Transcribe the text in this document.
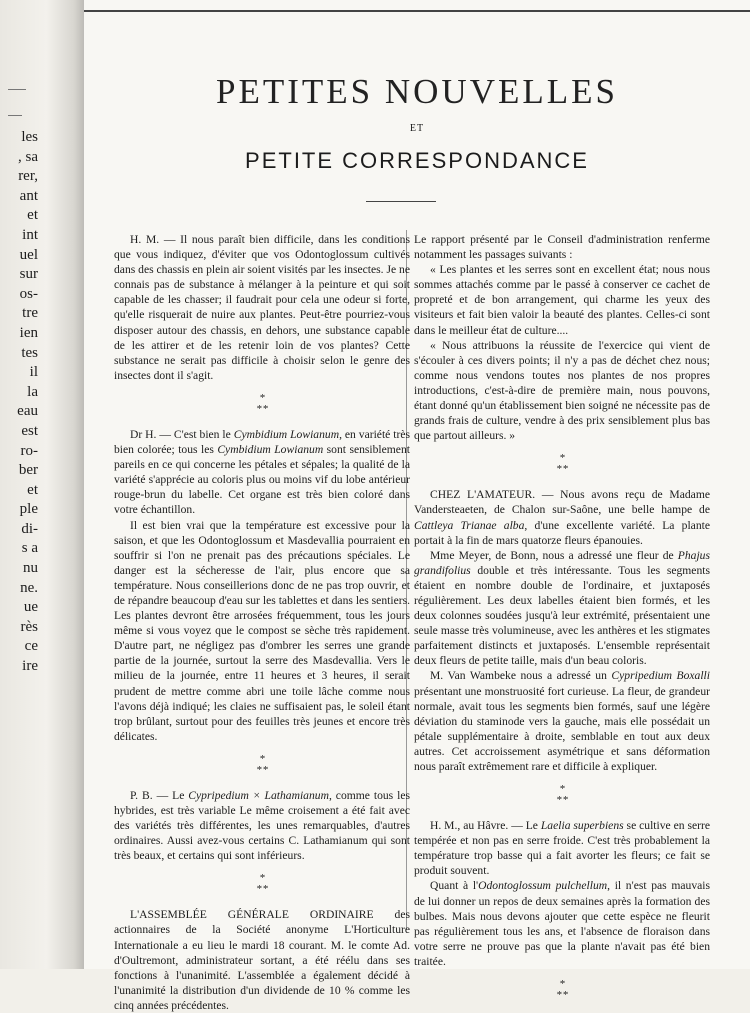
les
, sa
rer,
ant
et
int
uel
sur
os-
tre
ien
tes
il
la
eau
est
ro-
ber
et
ple
di-
s a
nu
ne.
ue
rès
ce
ire
PETITES NOUVELLES
ET
PETITE CORRESPONDANCE

H. M. — Il nous paraît bien difficile, dans les conditions que vous indiquez, d'éviter que vos Odontoglossum cultivés dans des chassis en plein air soient visités par les insectes. Je ne connais pas de substance à mélanger à la peinture et qui soit capable de les chasser; il faudrait pour cela une odeur si forte, qu'elle risquerait de nuire aux plantes. Peut-être pourriez-vous disposer autour des chassis, en dehors, une substance capable de les attirer et de les retenir loin de vos plantes? Cette substance ne serait pas difficile à choisir selon le genre des insectes dont il s'agit.

*
* *

Dr H. — C'est bien le Cymbidium Lowianum, en variété très bien colorée; tous les Cymbidium Lowianum sont sensiblement pareils en ce qui concerne les pétales et sépales; la qualité de la variété s'apprécie au coloris plus ou moins vif du lobe antérieur rouge-brun du labelle. Cet organe est très bien coloré dans votre échantillon.

Il est bien vrai que la température est excessive pour la saison, et que les Odontoglossum et Masdevallia pourraient en souffrir si l'on ne prenait pas des précautions spéciales. Le danger est la sécheresse de l'air, plus encore que sa température. Nous conseillerions donc de ne pas trop ouvrir, et de répandre beaucoup d'eau sur les tablettes et dans les sentiers. Les plantes devront être arrosées fréquemment, tous les jours même si vous voyez que le compost se sèche très rapidement. D'autre part, ne négligez pas d'ombrer les serres une grande partie de la journée, surtout la serre des Masdevallia. Vers le milieu de la journée, entre 11 heures et 3 heures, il serait prudent de mettre comme abri une toile lâche comme nous l'avons déjà indiqué; les claies ne suffisaient pas, le soleil étant trop brûlant, surtout pour des feuilles très jeunes et encore très délicates.

*
* *

P. B. — Le Cypripedium × Lathamianum, comme tous les hybrides, est très variable Le même croisement a été fait avec des variétés très différentes, les unes remarquables, d'autres ordinaires. Aussi avez-vous certains C. Lathamianum qui sont très beaux, et certains qui sont inférieurs.

*
* *

L'ASSEMBLÉE GÉNÉRALE ORDINAIRE des actionnaires de la Société anonyme L'Horticulture Internationale a eu lieu le mardi 18 courant. M. le comte Ad. d'Oultremont, administrateur sortant, a été réélu dans ses fonctions à l'unanimité. L'assemblée a également décidé à l'unanimité la distribution d'un dividende de 10 % comme les cinq années précédentes.

Le rapport présenté par le Conseil d'administration renferme notamment les passages suivants :

« Les plantes et les serres sont en excellent état; nous nous sommes attachés comme par le passé à conserver ce cachet de propreté et de bon arrangement, qui charme les yeux des visiteurs et fait bien valoir la beauté des plantes. Celles-ci sont dans le meilleur état de culture....

« Nous attribuons la réussite de l'exercice qui vient de s'écouler à ces divers points; il n'y a pas de déchet chez nous; comme nous vendons toutes nos plantes de nos propres introductions, c'est-à-dire de première main, nous pouvons, étant donné qu'un établissement bien soigné ne nécessite pas de grands frais de culture, vendre à des prix sensiblement plus bas que partout ailleurs. »

*
* *

CHEZ L'AMATEUR. — Nous avons reçu de Madame Vandersteaeten, de Chalon sur-Saône, une belle hampe de Cattleya Trianae alba, d'une excellente variété. La plante portait à la fin de mars quatorze fleurs épanouies.

Mme Meyer, de Bonn, nous a adressé une fleur de Phajus grandifolius double et très intéressante. Tous les segments étaient en nombre double de l'ordinaire, et juxtaposés régulièrement. Les deux labelles étaient bien formés, et les deux colonnes soudées jusqu'à leur extrémité, présentaient une seule masse très volumineuse, avec les anthères et les stigmates parfaitement distincts et juxtaposés. L'ensemble représentait deux fleurs de petite taille, mais d'un beau coloris.

M. Van Wambeke nous a adressé un Cypripedium Boxalli présentant une monstruosité fort curieuse. La fleur, de grandeur normale, avait tous les segments bien formés, sauf une légère déviation du staminode vers la gauche, mais elle possédait un pétale supplémentaire à droite, semblable en tout aux deux autres. Cet accroissement asymétrique et sans déformation nous paraît extrêmement rare et difficile à expliquer.

*
* *

H. M., au Hâvre. — Le Laelia superbiens se cultive en serre tempérée et non pas en serre froide. C'est très probablement la température trop basse qui a fait avorter les fleurs; ce fait se produit souvent.

Quant à l'Odontoglossum pulchellum, il n'est pas mauvais de lui donner un repos de deux semaines après la formation des bulbes. Mais nous devons ajouter que cette espèce ne fleurit pas régulièrement tous les ans, et l'absence de floraison dans votre serre ne prouve pas que la plante n'avait pas été bien traitée.

*
* *
